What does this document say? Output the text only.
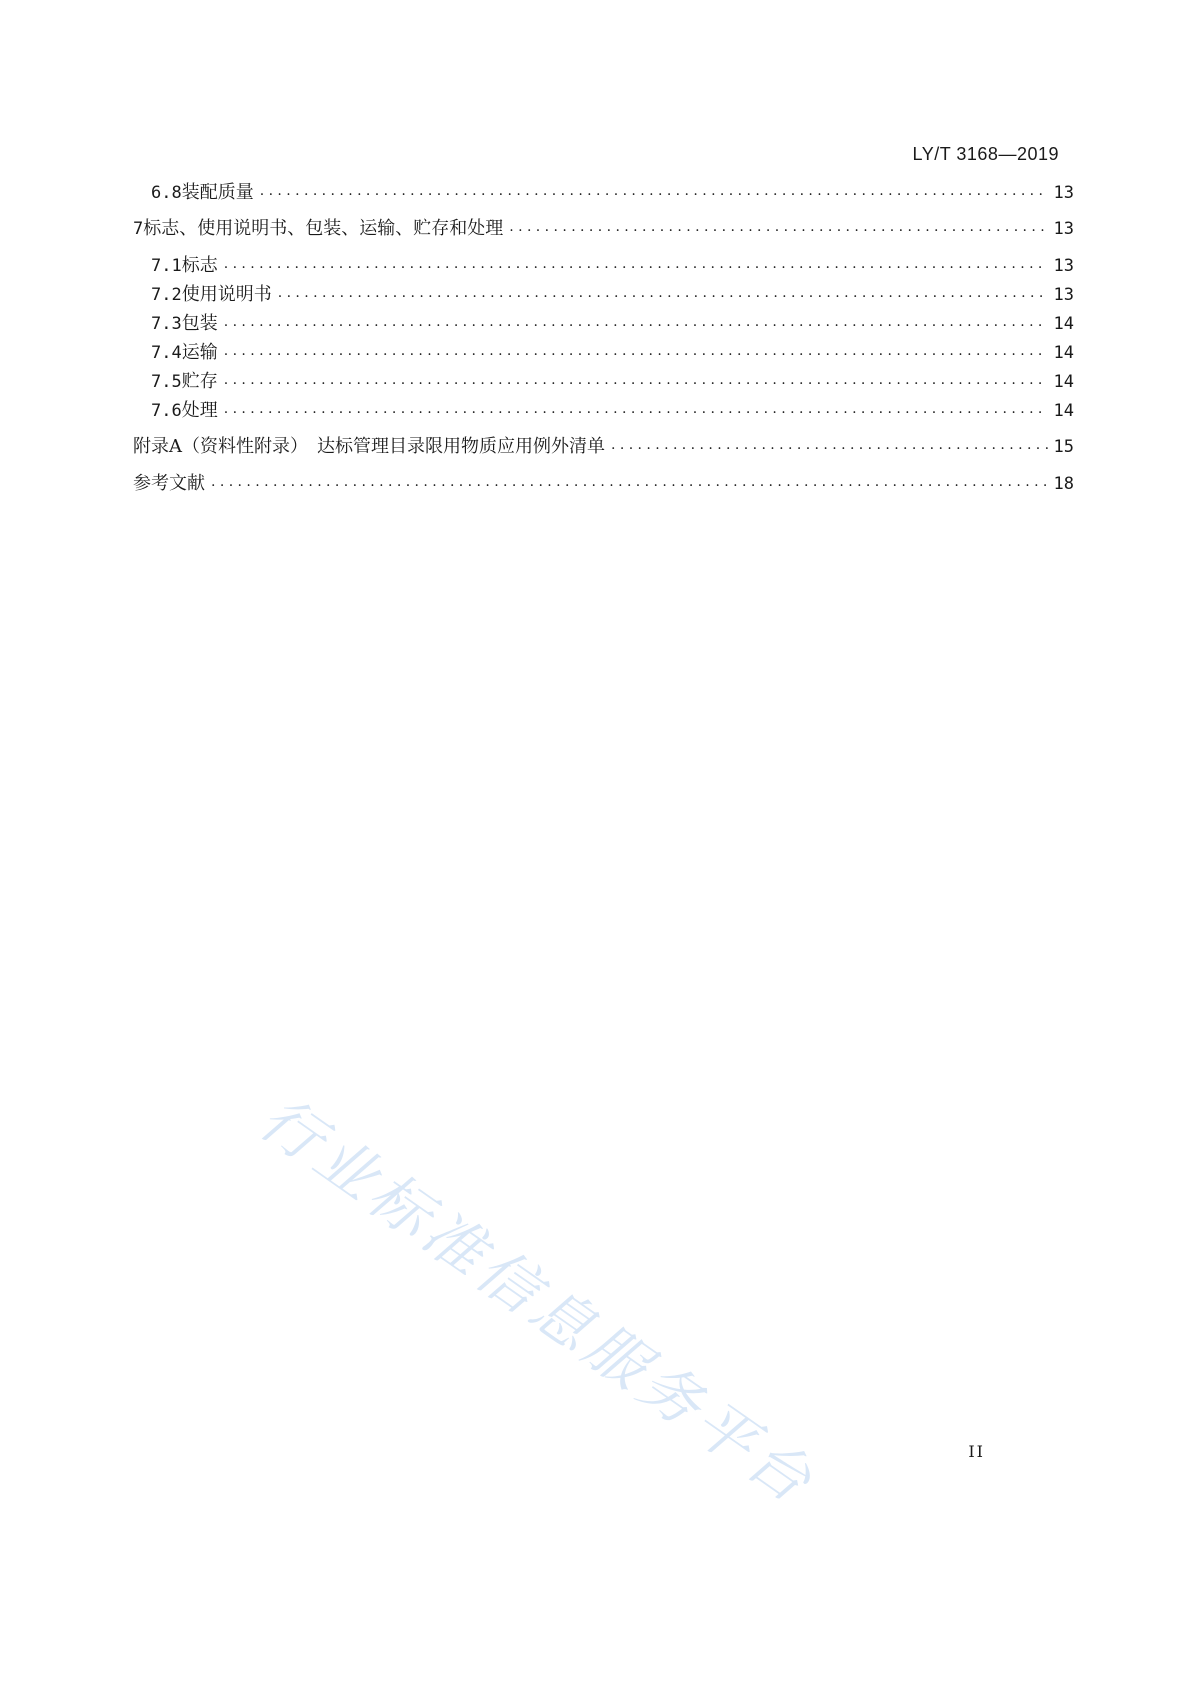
LY/T 3168—2019
6.8 装配质量 .....	13
7 标志、使用说明书、包装、运输、贮存和处理 .....	13
7.1 标志 .....	13
7.2 使用说明书 .....	13
7.3 包装 .....	14
7.4 运输 .....	14
7.5 贮存 .....	14
7.6 处理 .....	14
附录A（资料性附录）　达标管理目录限用物质应用例外清单 .....	15
参考文献 .....	18
行业标准信息服务平台	II
